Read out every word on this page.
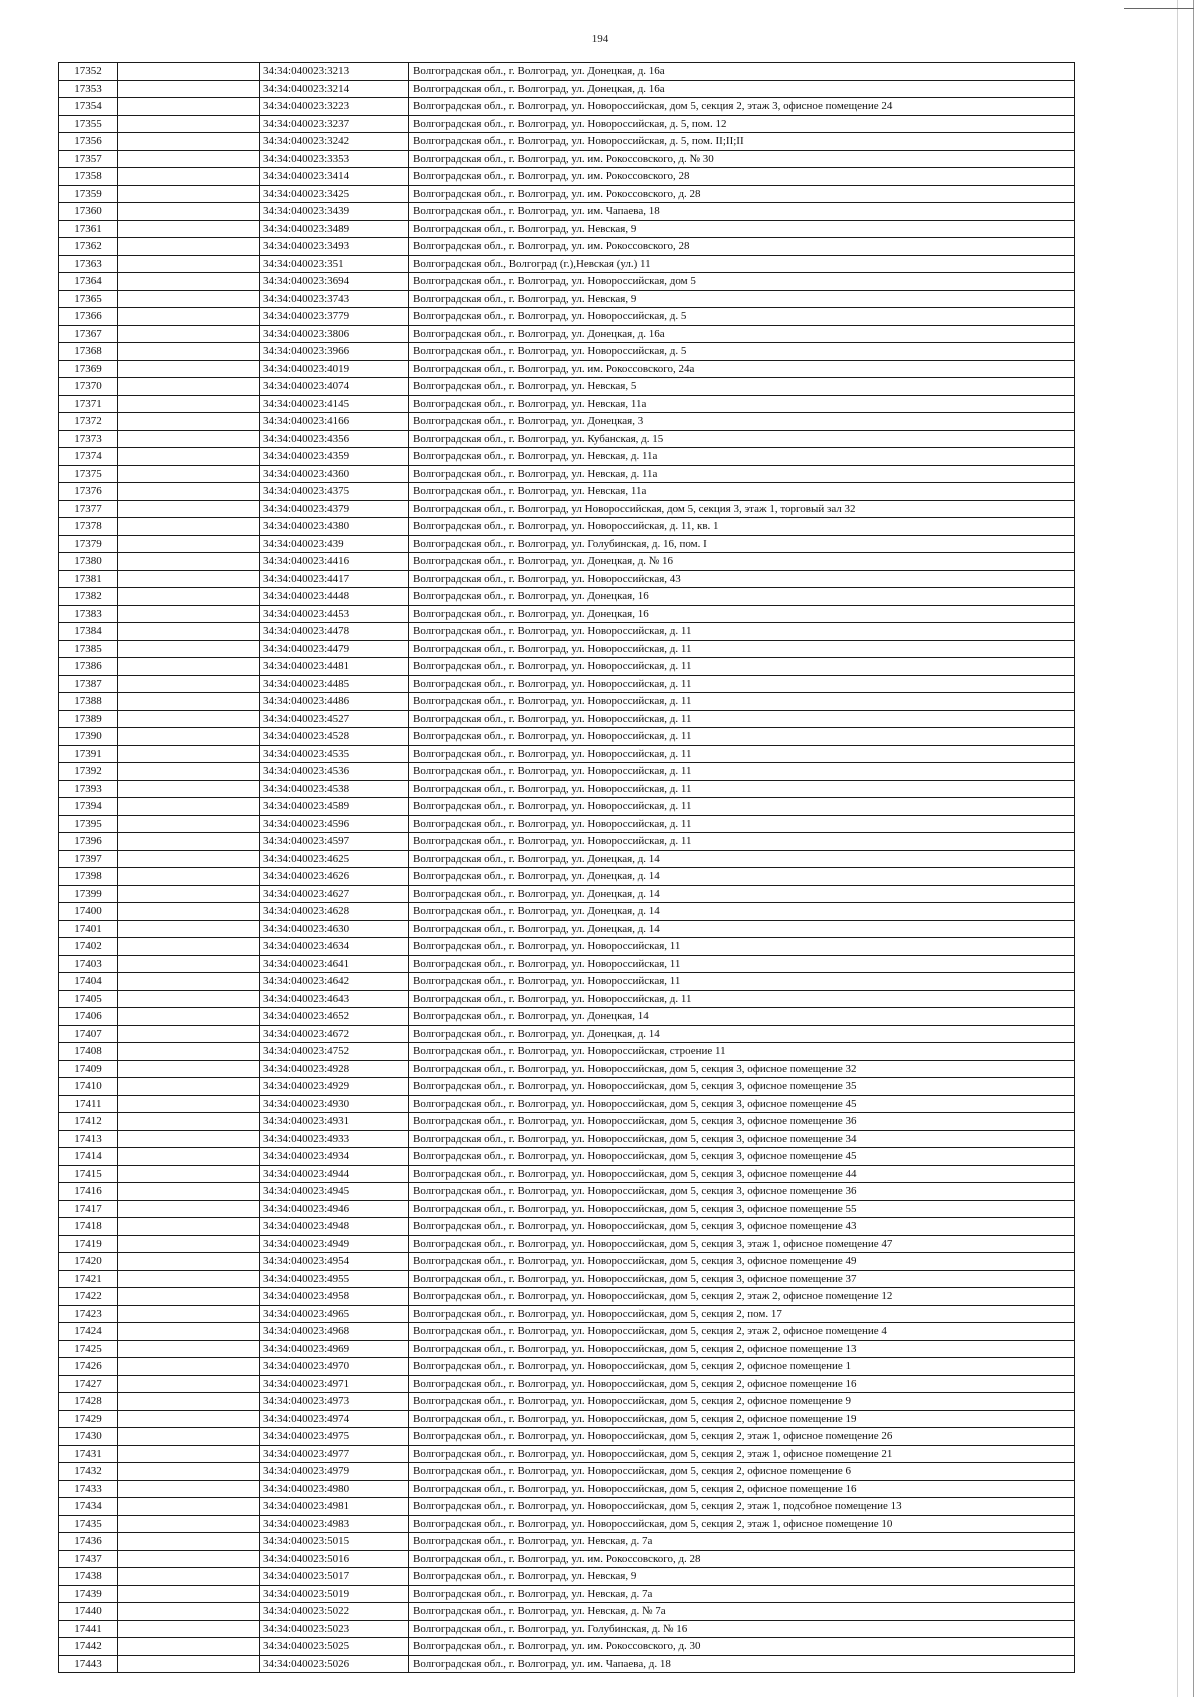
194
17352		34:34:040023:3213	Волгоградская обл., г. Волгоград, ул. Донецкая, д. 16а
17353		34:34:040023:3214	Волгоградская обл., г. Волгоград, ул. Донецкая, д. 16а
17354		34:34:040023:3223	Волгоградская обл., г. Волгоград, ул. Новороссийская, дом 5, секция 2, этаж 3, офисное помещение 24
17355		34:34:040023:3237	Волгоградская обл., г. Волгоград, ул. Новороссийская, д. 5, пом. 12
17356		34:34:040023:3242	Волгоградская обл., г. Волгоград, ул. Новороссийская, д. 5, пом. II;II;II
17357		34:34:040023:3353	Волгоградская обл., г. Волгоград, ул. им. Рокоссовского, д. № 30
17358		34:34:040023:3414	Волгоградская обл., г. Волгоград, ул. им. Рокоссовского, 28
17359		34:34:040023:3425	Волгоградская обл., г. Волгоград, ул. им. Рокоссовского, д. 28
17360		34:34:040023:3439	Волгоградская обл., г. Волгоград, ул. им. Чапаева, 18
17361		34:34:040023:3489	Волгоградская обл., г. Волгоград, ул. Невская, 9
17362		34:34:040023:3493	Волгоградская обл., г. Волгоград, ул. им. Рокоссовского, 28
17363		34:34:040023:351	Волгоградская обл., Волгоград (г.),Невская (ул.) 11
17364		34:34:040023:3694	Волгоградская обл., г. Волгоград, ул. Новороссийская, дом 5
17365		34:34:040023:3743	Волгоградская обл., г. Волгоград, ул. Невская, 9
17366		34:34:040023:3779	Волгоградская обл., г. Волгоград, ул. Новороссийская, д. 5
17367		34:34:040023:3806	Волгоградская обл., г. Волгоград, ул. Донецкая, д. 16а
17368		34:34:040023:3966	Волгоградская обл., г. Волгоград, ул. Новороссийская, д. 5
17369		34:34:040023:4019	Волгоградская обл., г. Волгоград, ул. им. Рокоссовского, 24а
17370		34:34:040023:4074	Волгоградская обл., г. Волгоград, ул. Невская, 5
17371		34:34:040023:4145	Волгоградская обл., г. Волгоград, ул. Невская, 11а
17372		34:34:040023:4166	Волгоградская обл., г. Волгоград, ул. Донецкая, 3
17373		34:34:040023:4356	Волгоградская обл., г. Волгоград, ул. Кубанская, д. 15
17374		34:34:040023:4359	Волгоградская обл., г. Волгоград, ул. Невская, д. 11а
17375		34:34:040023:4360	Волгоградская обл., г. Волгоград, ул. Невская, д. 11а
17376		34:34:040023:4375	Волгоградская обл., г. Волгоград, ул. Невская, 11а
17377		34:34:040023:4379	Волгоградская обл., г. Волгоград, ул Новороссийская, дом 5, секция 3, этаж 1, торговый зал 32
17378		34:34:040023:4380	Волгоградская обл., г. Волгоград, ул. Новороссийская, д. 11, кв. 1
17379		34:34:040023:439	Волгоградская обл., г. Волгоград, ул. Голубинская, д. 16, пом. I
17380		34:34:040023:4416	Волгоградская обл., г. Волгоград, ул. Донецкая, д. № 16
17381		34:34:040023:4417	Волгоградская обл., г. Волгоград, ул. Новороссийская, 43
17382		34:34:040023:4448	Волгоградская обл., г. Волгоград, ул. Донецкая, 16
17383		34:34:040023:4453	Волгоградская обл., г. Волгоград, ул. Донецкая, 16
17384		34:34:040023:4478	Волгоградская обл., г. Волгоград, ул. Новороссийская, д. 11
17385		34:34:040023:4479	Волгоградская обл., г. Волгоград, ул. Новороссийская, д. 11
17386		34:34:040023:4481	Волгоградская обл., г. Волгоград, ул. Новороссийская, д. 11
17387		34:34:040023:4485	Волгоградская обл., г. Волгоград, ул. Новороссийская, д. 11
17388		34:34:040023:4486	Волгоградская обл., г. Волгоград, ул. Новороссийская, д. 11
17389		34:34:040023:4527	Волгоградская обл., г. Волгоград, ул. Новороссийская, д. 11
17390		34:34:040023:4528	Волгоградская обл., г. Волгоград, ул. Новороссийская, д. 11
17391		34:34:040023:4535	Волгоградская обл., г. Волгоград, ул. Новороссийская, д. 11
17392		34:34:040023:4536	Волгоградская обл., г. Волгоград, ул. Новороссийская, д. 11
17393		34:34:040023:4538	Волгоградская обл., г. Волгоград, ул. Новороссийская, д. 11
17394		34:34:040023:4589	Волгоградская обл., г. Волгоград, ул. Новороссийская, д. 11
17395		34:34:040023:4596	Волгоградская обл., г. Волгоград, ул. Новороссийская, д. 11
17396		34:34:040023:4597	Волгоградская обл., г. Волгоград, ул. Новороссийская, д. 11
17397		34:34:040023:4625	Волгоградская обл., г. Волгоград, ул. Донецкая, д. 14
17398		34:34:040023:4626	Волгоградская обл., г. Волгоград, ул. Донецкая, д. 14
17399		34:34:040023:4627	Волгоградская обл., г. Волгоград, ул. Донецкая, д. 14
17400		34:34:040023:4628	Волгоградская обл., г. Волгоград, ул. Донецкая, д. 14
17401		34:34:040023:4630	Волгоградская обл., г. Волгоград, ул. Донецкая, д. 14
17402		34:34:040023:4634	Волгоградская обл., г. Волгоград, ул. Новороссийская, 11
17403		34:34:040023:4641	Волгоградская обл., г. Волгоград, ул. Новороссийская, 11
17404		34:34:040023:4642	Волгоградская обл., г. Волгоград, ул. Новороссийская, 11
17405		34:34:040023:4643	Волгоградская обл., г. Волгоград, ул. Новороссийская, д. 11
17406		34:34:040023:4652	Волгоградская обл., г. Волгоград, ул. Донецкая, 14
17407		34:34:040023:4672	Волгоградская обл., г. Волгоград, ул. Донецкая, д. 14
17408		34:34:040023:4752	Волгоградская обл., г. Волгоград, ул. Новороссийская, строение 11
17409		34:34:040023:4928	Волгоградская обл., г. Волгоград, ул. Новороссийская, дом 5, секция 3, офисное помещение 32
17410		34:34:040023:4929	Волгоградская обл., г. Волгоград, ул. Новороссийская, дом 5, секция 3, офисное помещение 35
17411		34:34:040023:4930	Волгоградская обл., г. Волгоград, ул. Новороссийская, дом 5, секция 3, офисное помещение 45
17412		34:34:040023:4931	Волгоградская обл., г. Волгоград, ул. Новороссийская, дом 5, секция 3, офисное помещение 36
17413		34:34:040023:4933	Волгоградская обл., г. Волгоград, ул. Новороссийская, дом 5, секция 3, офисное помещение 34
17414		34:34:040023:4934	Волгоградская обл., г. Волгоград, ул. Новороссийская, дом 5, секция 3, офисное помещение 45
17415		34:34:040023:4944	Волгоградская обл., г. Волгоград, ул. Новороссийская, дом 5, секция 3, офисное помещение 44
17416		34:34:040023:4945	Волгоградская обл., г. Волгоград, ул. Новороссийская, дом 5, секция 3, офисное помещение 36
17417		34:34:040023:4946	Волгоградская обл., г. Волгоград, ул. Новороссийская, дом 5, секция 3, офисное помещение 55
17418		34:34:040023:4948	Волгоградская обл., г. Волгоград, ул. Новороссийская, дом 5, секция 3, офисное помещение 43
17419		34:34:040023:4949	Волгоградская обл., г. Волгоград, ул. Новороссийская, дом 5, секция 3, этаж 1, офисное помещение 47
17420		34:34:040023:4954	Волгоградская обл., г. Волгоград, ул. Новороссийская, дом 5, секция 3, офисное помещение 49
17421		34:34:040023:4955	Волгоградская обл., г. Волгоград, ул. Новороссийская, дом 5, секция 3, офисное помещение 37
17422		34:34:040023:4958	Волгоградская обл., г. Волгоград, ул. Новороссийская, дом 5, секция 2, этаж 2, офисное помещение 12
17423		34:34:040023:4965	Волгоградская обл., г. Волгоград, ул. Новороссийская, дом 5, секция 2, пом. 17
17424		34:34:040023:4968	Волгоградская обл., г. Волгоград, ул. Новороссийская, дом 5, секция 2, этаж 2, офисное помещение 4
17425		34:34:040023:4969	Волгоградская обл., г. Волгоград, ул. Новороссийская, дом 5, секция 2, офисное помещение 13
17426		34:34:040023:4970	Волгоградская обл., г. Волгоград, ул. Новороссийская, дом 5, секция 2, офисное помещение 1
17427		34:34:040023:4971	Волгоградская обл., г. Волгоград, ул. Новороссийская, дом 5, секция 2, офисное помещение 16
17428		34:34:040023:4973	Волгоградская обл., г. Волгоград, ул. Новороссийская, дом 5, секция 2, офисное помещение 9
17429		34:34:040023:4974	Волгоградская обл., г. Волгоград, ул. Новороссийская, дом 5, секция 2, офисное помещение 19
17430		34:34:040023:4975	Волгоградская обл., г. Волгоград, ул. Новороссийская, дом 5, секция 2, этаж 1, офисное помещение 26
17431		34:34:040023:4977	Волгоградская обл., г. Волгоград, ул. Новороссийская, дом 5, секция 2, этаж 1, офисное помещение 21
17432		34:34:040023:4979	Волгоградская обл., г. Волгоград, ул. Новороссийская, дом 5, секция 2, офисное помещение 6
17433		34:34:040023:4980	Волгоградская обл., г. Волгоград, ул. Новороссийская, дом 5, секция 2, офисное помещение 16
17434		34:34:040023:4981	Волгоградская обл., г. Волгоград, ул. Новороссийская, дом 5, секция 2, этаж 1, подсобное помещение 13
17435		34:34:040023:4983	Волгоградская обл., г. Волгоград, ул. Новороссийская, дом 5, секция 2, этаж 1, офисное помещение 10
17436		34:34:040023:5015	Волгоградская обл., г. Волгоград, ул. Невская, д. 7а
17437		34:34:040023:5016	Волгоградская обл., г. Волгоград, ул. им. Рокоссовского, д. 28
17438		34:34:040023:5017	Волгоградская обл., г. Волгоград, ул. Невская, 9
17439		34:34:040023:5019	Волгоградская обл., г. Волгоград, ул. Невская, д. 7а
17440		34:34:040023:5022	Волгоградская обл., г. Волгоград, ул. Невская, д. № 7а
17441		34:34:040023:5023	Волгоградская обл., г. Волгоград, ул. Голубинская, д. № 16
17442		34:34:040023:5025	Волгоградская обл., г. Волгоград, ул. им. Рокоссовского, д. 30
17443		34:34:040023:5026	Волгоградская обл., г. Волгоград, ул. им. Чапаева, д. 18
